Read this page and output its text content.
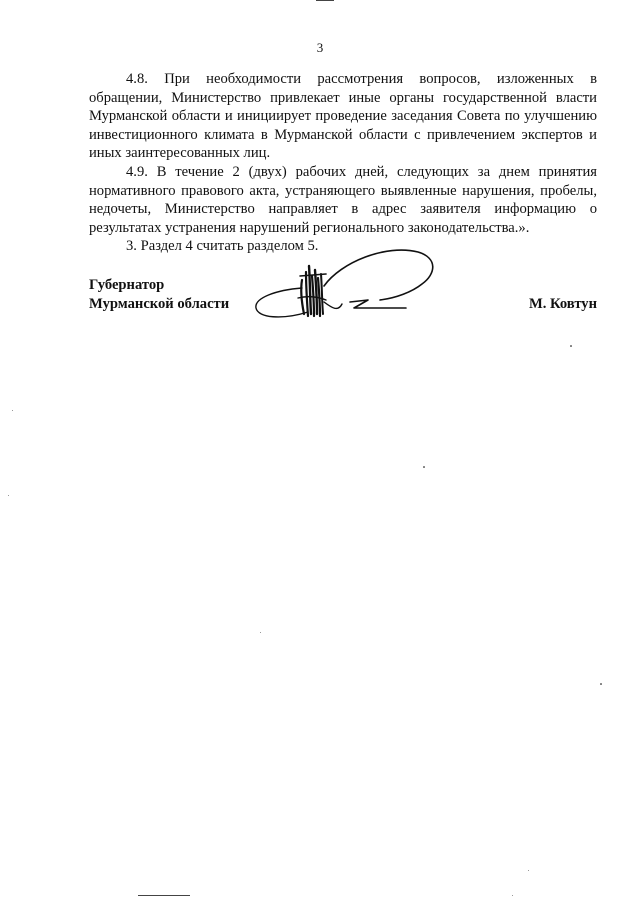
3

4.8. При необходимости рассмотрения вопросов, изложенных в обращении, Министерство привлекает иные органы государственной власти Мурманской области и инициирует проведение заседания Совета по улучшению инвестиционного климата в Мурманской области с привлечением экспертов и иных заинтересованных лиц.

4.9. В течение 2 (двух) рабочих дней, следующих за днем принятия нормативного правового акта, устраняющего выявленные нарушения, пробелы, недочеты, Министерство направляет в адрес заявителя информацию о результатах устранения нарушений регионального законодательства.».

3. Раздел 4 считать разделом 5.

Губернатор
Мурманской области	М. Ковтун
